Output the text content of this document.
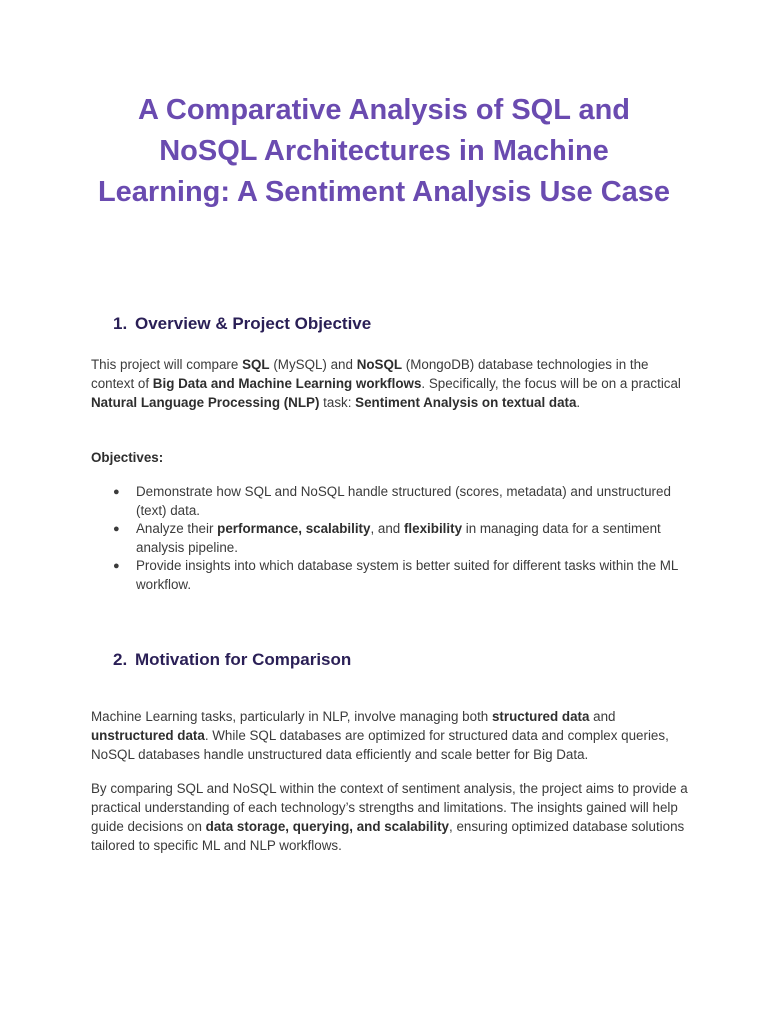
A Comparative Analysis of SQL and NoSQL Architectures in Machine Learning: A Sentiment Analysis Use Case
1. Overview & Project Objective

This project will compare SQL (MySQL) and NoSQL (MongoDB) database technologies in the context of Big Data and Machine Learning workflows. Specifically, the focus will be on a practical Natural Language Processing (NLP) task: Sentiment Analysis on textual data.

Objectives:

● Demonstrate how SQL and NoSQL handle structured (scores, metadata) and unstructured (text) data.
● Analyze their performance, scalability, and flexibility in managing data for a sentiment analysis pipeline.
● Provide insights into which database system is better suited for different tasks within the ML workflow.
2. Motivation for Comparison

Machine Learning tasks, particularly in NLP, involve managing both structured data and unstructured data. While SQL databases are optimized for structured data and complex queries, NoSQL databases handle unstructured data efficiently and scale better for Big Data.

By comparing SQL and NoSQL within the context of sentiment analysis, the project aims to provide a practical understanding of each technology’s strengths and limitations. The insights gained will help guide decisions on data storage, querying, and scalability, ensuring optimized database solutions tailored to specific ML and NLP workflows.
